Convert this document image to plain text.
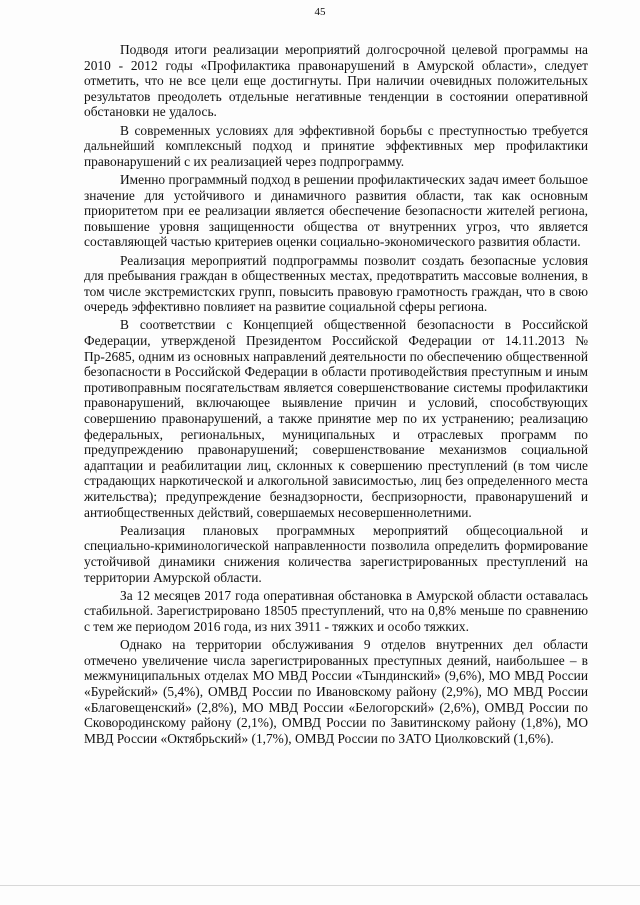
45

Подводя итоги реализации мероприятий долгосрочной целевой программы на 2010 - 2012 годы «Профилактика правонарушений в Амурской области», следует отметить, что не все цели еще достигнуты. При наличии очевидных положительных результатов преодолеть отдельные негативные тенденции в состоянии оперативной обстановки не удалось.

В современных условиях для эффективной борьбы с преступностью требуется дальнейший комплексный подход и принятие эффективных мер профилактики правонарушений с их реализацией через подпрограмму.

Именно программный подход в решении профилактических задач имеет большое значение для устойчивого и динамичного развития области, так как основным приоритетом при ее реализации является обеспечение безопасности жителей региона, повышение уровня защищенности общества от внутренних угроз, что является составляющей частью критериев оценки социально-экономического развития области.

Реализация мероприятий подпрограммы позволит создать безопасные условия для пребывания граждан в общественных местах, предотвратить массовые волнения, в том числе экстремистских групп, повысить правовую грамотность граждан, что в свою очередь эффективно повлияет на развитие социальной сферы региона.

В соответствии с Концепцией общественной безопасности в Российской Федерации, утвержденой Президентом Российской Федерации от 14.11.2013 № Пр-2685, одним из основных направлений деятельности по обеспечению общественной безопасности в Российской Федерации в области противодействия преступным и иным противоправным посягательствам является совершенствование системы профилактики правонарушений, включающее выявление причин и условий, способствующих совершению правонарушений, а также принятие мер по их устранению; реализацию федеральных, региональных, муниципальных и отраслевых программ по предупреждению правонарушений; совершенствование механизмов социальной адаптации и реабилитации лиц, склонных к совершению преступлений (в том числе страдающих наркотической и алкогольной зависимостью, лиц без определенного места жительства); предупреждение безнадзорности, беспризорности, правонарушений и антиобщественных действий, совершаемых несовершеннолетними.

Реализация плановых программных мероприятий общесоциальной и специально-криминологической направленности позволила определить формирование устойчивой динамики снижения количества зарегистрированных преступлений на территории Амурской области.

За 12 месяцев 2017 года оперативная обстановка в Амурской области оставалась стабильной. Зарегистрировано 18505 преступлений, что на 0,8% меньше по сравнению с тем же периодом 2016 года, из них 3911 - тяжких и особо тяжких.

Однако на территории обслуживания 9 отделов внутренних дел области отмечено увеличение числа зарегистрированных преступных деяний, наибольшее – в межмуниципальных отделах МО МВД России «Тындинский» (9,6%), МО МВД России «Бурейский» (5,4%), ОМВД России по Ивановскому району (2,9%), МО МВД России «Благовещенский» (2,8%), МО МВД России «Белогорский» (2,6%), ОМВД России по Сковородинскому району (2,1%), ОМВД России по Завитинскому району (1,8%), МО МВД России «Октябрьский» (1,7%), ОМВД России по ЗАТО Циолковский (1,6%).
